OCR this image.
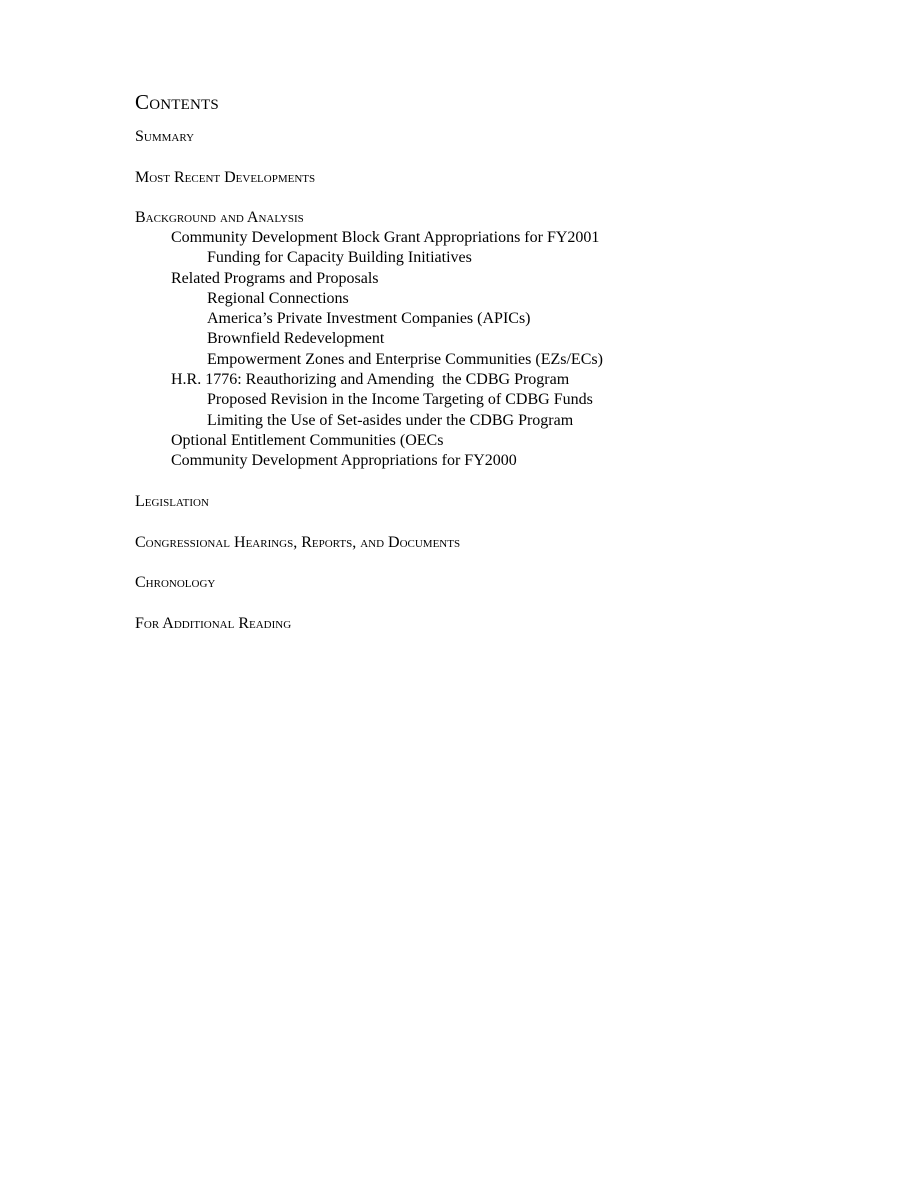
Contents
Summary
Most Recent Developments
Background and Analysis
Community Development Block Grant Appropriations for FY2001
Funding for Capacity Building Initiatives
Related Programs and Proposals
Regional Connections
America’s Private Investment Companies (APICs)
Brownfield Redevelopment
Empowerment Zones and Enterprise Communities (EZs/ECs)
H.R. 1776: Reauthorizing and Amending  the CDBG Program
Proposed Revision in the Income Targeting of CDBG Funds
Limiting the Use of Set-asides under the CDBG Program
Optional Entitlement Communities (OECs
Community Development Appropriations for FY2000
Legislation
Congressional Hearings, Reports, and Documents
Chronology
For Additional Reading
